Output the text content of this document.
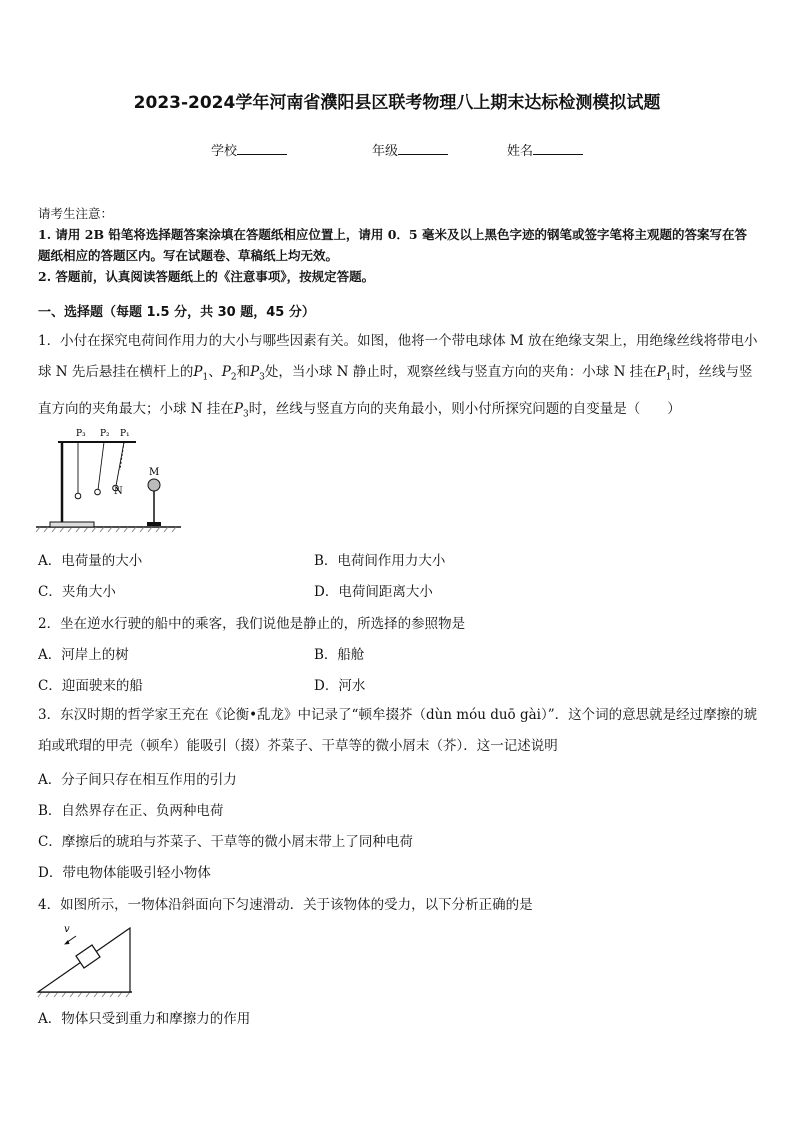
2023-2024学年河南省濮阳县区联考物理八上期末达标检测模拟试题
学校	年级	姓名
请考生注意：
1. 请用 2B 铅笔将选择题答案涂填在答题纸相应位置上，请用 0．5 毫米及以上黑色字迹的钢笔或签字笔将主观题的答案写在答题纸相应的答题区内。写在试题卷、草稿纸上均无效。
2. 答题前，认真阅读答题纸上的《注意事项》，按规定答题。
一、选择题（每题 1.5 分，共 30 题，45 分）
1．小付在探究电荷间作用力的大小与哪些因素有关。如图，他将一个带电球体 M 放在绝缘支架上，用绝缘丝线将带电小球 N 先后悬挂在横杆上的$P_1$、$P_2$和$P_3$处，当小球 N 静止时，观察丝线与竖直方向的夹角：小球 N 挂在$P_1$时，丝线与竖直方向的夹角最大；小球 N 挂在$P_3$时，丝线与竖直方向的夹角最小，则小付所探究问题的自变量是（　　）
P₃ P₂ P₁
N
M
A．电荷量的大小	B．电荷间作用力大小
C．夹角大小	D．电荷间距离大小
2．坐在逆水行驶的船中的乘客，我们说他是静止的，所选择的参照物是
A．河岸上的树	B．船舱
C．迎面驶来的船	D．河水
3．东汉时期的哲学家王充在《论衡•乱龙》中记录了“顿牟掇芥（dùn móu duō gài）”．这个词的意思就是经过摩擦的琥珀或玳瑁的甲壳（顿牟）能吸引（掇）芥菜子、干草等的微小屑末（芥）．这一记述说明
A．分子间只存在相互作用的引力
B．自然界存在正、负两种电荷
C．摩擦后的琥珀与芥菜子、干草等的微小屑末带上了同种电荷
D．带电物体能吸引轻小物体
4．如图所示，一物体沿斜面向下匀速滑动．关于该物体的受力，以下分析正确的是
v
A．物体只受到重力和摩擦力的作用
